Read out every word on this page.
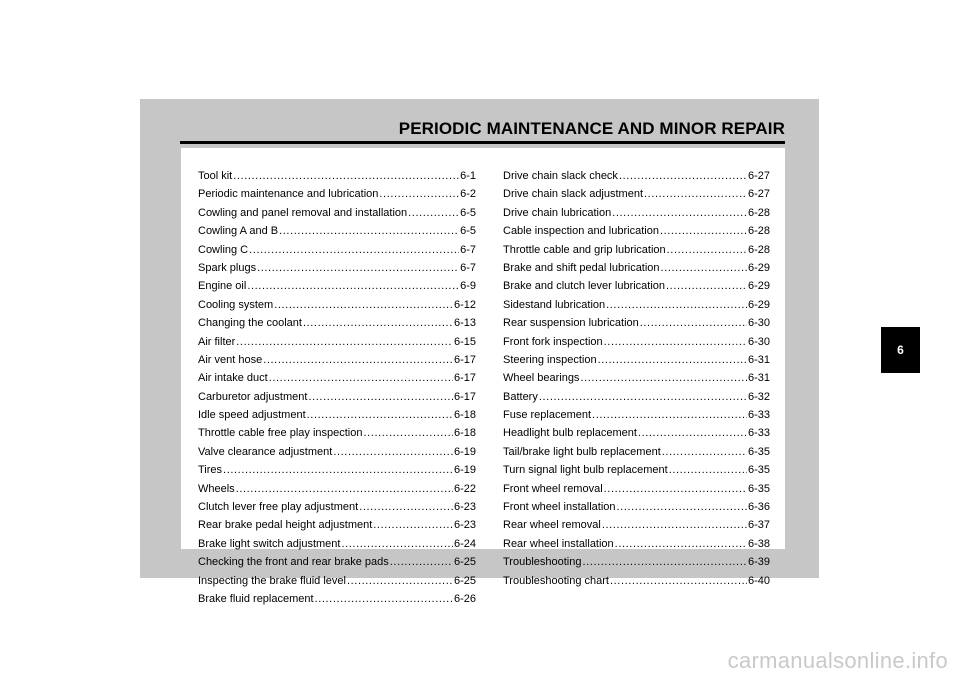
PERIODIC MAINTENANCE AND MINOR REPAIR
Tool kit .....	6-1
Periodic maintenance and lubrication .....	6-2
Cowling and panel removal and installation .....	6-5
Cowling A and B .....	6-5
Cowling C .....	6-7
Spark plugs .....	6-7
Engine oil .....	6-9
Cooling system .....	6-12
Changing the coolant .....	6-13
Air filter .....	6-15
Air vent hose .....	6-17
Air intake duct .....	6-17
Carburetor adjustment .....	6-17
Idle speed adjustment .....	6-18
Throttle cable free play inspection .....	6-18
Valve clearance adjustment .....	6-19
Tires .....	6-19
Wheels .....	6-22
Clutch lever free play adjustment .....	6-23
Rear brake pedal height adjustment .....	6-23
Brake light switch adjustment .....	6-24
Checking the front and rear brake pads .....	6-25
Inspecting the brake fluid level .....	6-25
Brake fluid replacement .....	6-26
Drive chain slack check .....	6-27
Drive chain slack adjustment .....	6-27
Drive chain lubrication .....	6-28
Cable inspection and lubrication .....	6-28
Throttle cable and grip lubrication .....	6-28
Brake and shift pedal lubrication .....	6-29
Brake and clutch lever lubrication .....	6-29
Sidestand lubrication .....	6-29
Rear suspension lubrication .....	6-30
Front fork inspection .....	6-30
Steering inspection .....	6-31
Wheel bearings .....	6-31
Battery .....	6-32
Fuse replacement .....	6-33
Headlight bulb replacement .....	6-33
Tail/brake light bulb replacement .....	6-35
Turn signal light bulb replacement .....	6-35
Front wheel removal .....	6-35
Front wheel installation .....	6-36
Rear wheel removal .....	6-37
Rear wheel installation .....	6-38
Troubleshooting .....	6-39
Troubleshooting chart .....	6-40
6
carmanualsonline.info
